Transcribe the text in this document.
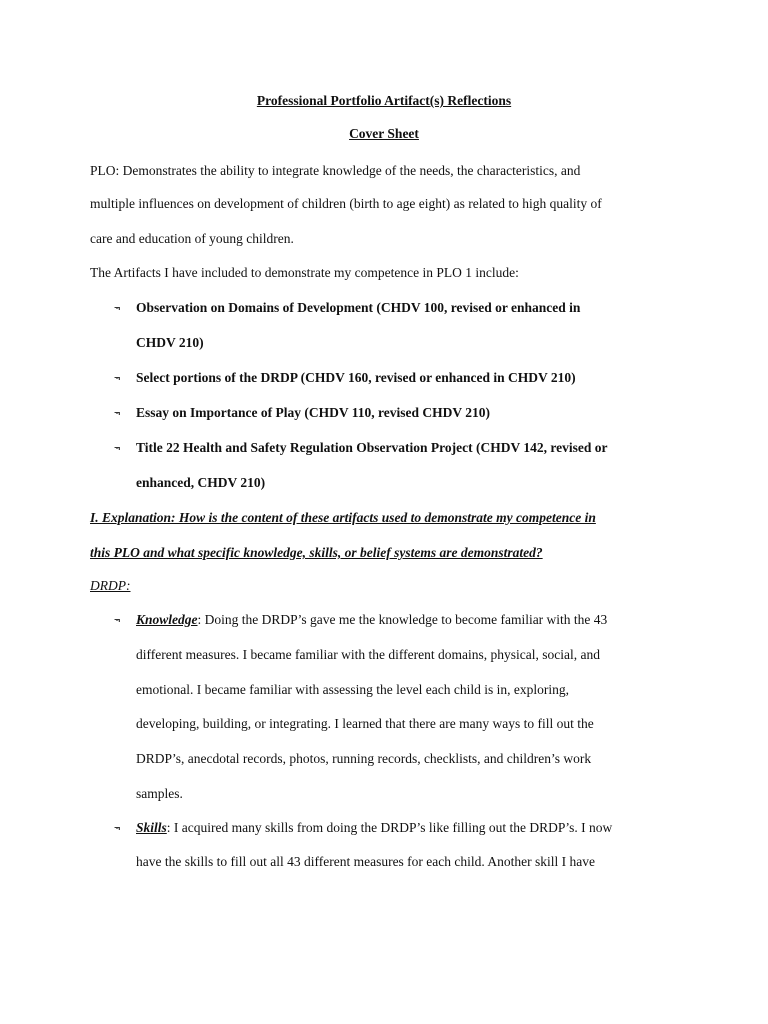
Professional Portfolio Artifact(s) Reflections
Cover Sheet
PLO: Demonstrates the ability to integrate knowledge of the needs, the characteristics, and
multiple influences on development of children (birth to age eight) as related to high quality of
care and education of young children.
The Artifacts I have included to demonstrate my competence in PLO 1 include:
¬ٛ Observation on Domains of Development (CHDV 100, revised or enhanced in
CHDV 210)
¬ٛ Select portions of the DRDP (CHDV 160, revised or enhanced in CHDV 210)
¬ٛ Essay on Importance of Play (CHDV 110, revised CHDV 210)
¬ٛ Title 22 Health and Safety Regulation Observation Project (CHDV 142, revised or
enhanced, CHDV 210)
I. Explanation: How is the content of these artifacts used to demonstrate my competence in
this PLO and what specific knowledge, skills, or belief systems are demonstrated?
DRDP:
¬ٛ Knowledge: Doing the DRDP’s gave me the knowledge to become familiar with the 43
different measures. I became familiar with the different domains, physical, social, and
emotional. I became familiar with assessing the level each child is in, exploring,
developing, building, or integrating. I learned that there are many ways to fill out the
DRDP’s, anecdotal records, photos, running records, checklists, and children’s work
samples.
¬ٛ Skills: I acquired many skills from doing the DRDP’s like filling out the DRDP’s. I now
have the skills to fill out all 43 different measures for each child. Another skill I have
